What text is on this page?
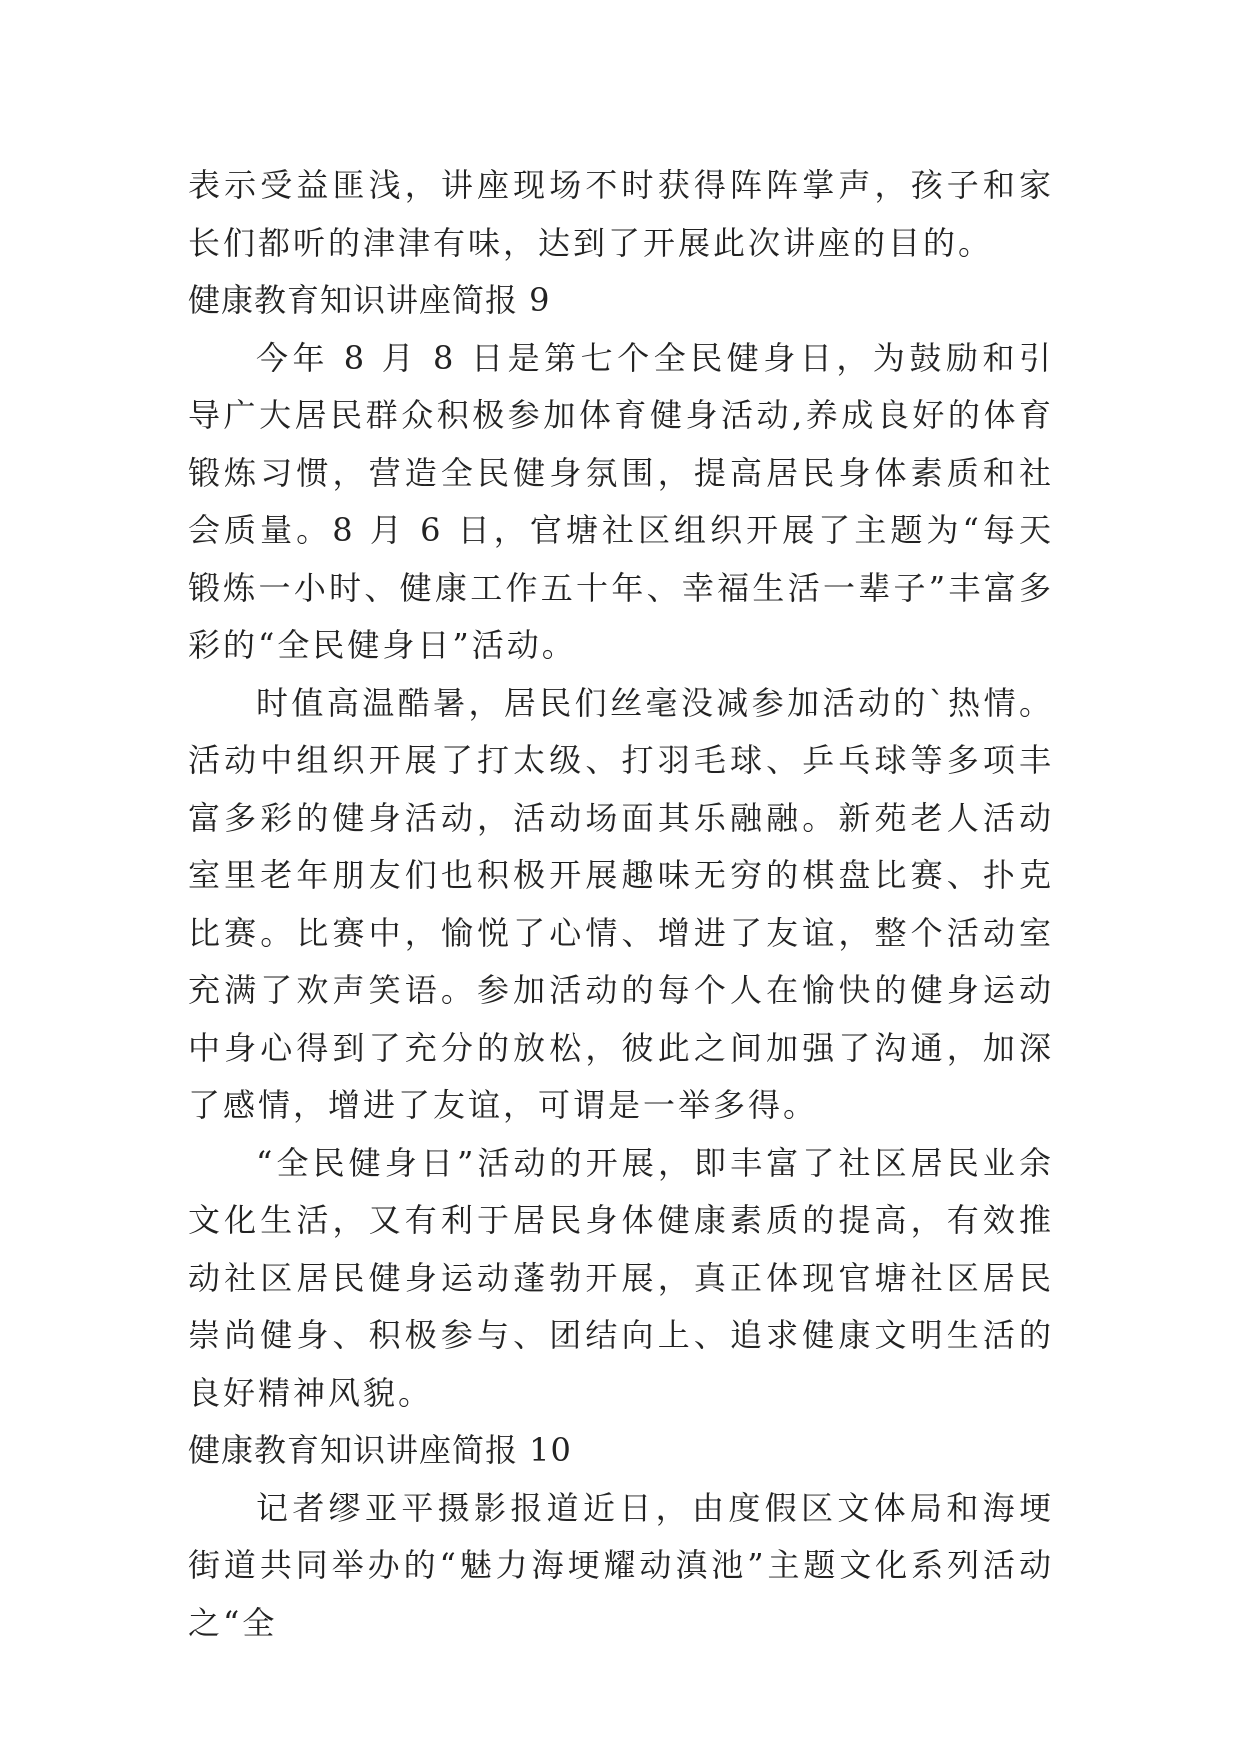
表示受益匪浅，讲座现场不时获得阵阵掌声，孩子和家长们都听的津津有味，达到了开展此次讲座的目的。

健康教育知识讲座简报 9

今年 8 月 8 日是第七个全民健身日，为鼓励和引导广大居民群众积极参加体育健身活动,养成良好的体育锻炼习惯，营造全民健身氛围，提高居民身体素质和社会质量。8 月 6 日，官塘社区组织开展了主题为“每天锻炼一小时、健康工作五十年、幸福生活一辈子”丰富多彩的“全民健身日”活动。

时值高温酷暑，居民们丝毫没减参加活动的`热情。活动中组织开展了打太级、打羽毛球、乒乓球等多项丰富多彩的健身活动，活动场面其乐融融。新苑老人活动室里老年朋友们也积极开展趣味无穷的棋盘比赛、扑克比赛。比赛中，愉悦了心情、增进了友谊，整个活动室充满了欢声笑语。参加活动的每个人在愉快的健身运动中身心得到了充分的放松，彼此之间加强了沟通，加深了感情，增进了友谊，可谓是一举多得。

“全民健身日”活动的开展，即丰富了社区居民业余文化生活，又有利于居民身体健康素质的提高，有效推动社区居民健身运动蓬勃开展，真正体现官塘社区居民崇尚健身、积极参与、团结向上、追求健康文明生活的良好精神风貌。

健康教育知识讲座简报 10

记者缪亚平摄影报道近日，由度假区文体局和海埂街道共同举办的“魅力海埂耀动滇池”主题文化系列活动之“全
